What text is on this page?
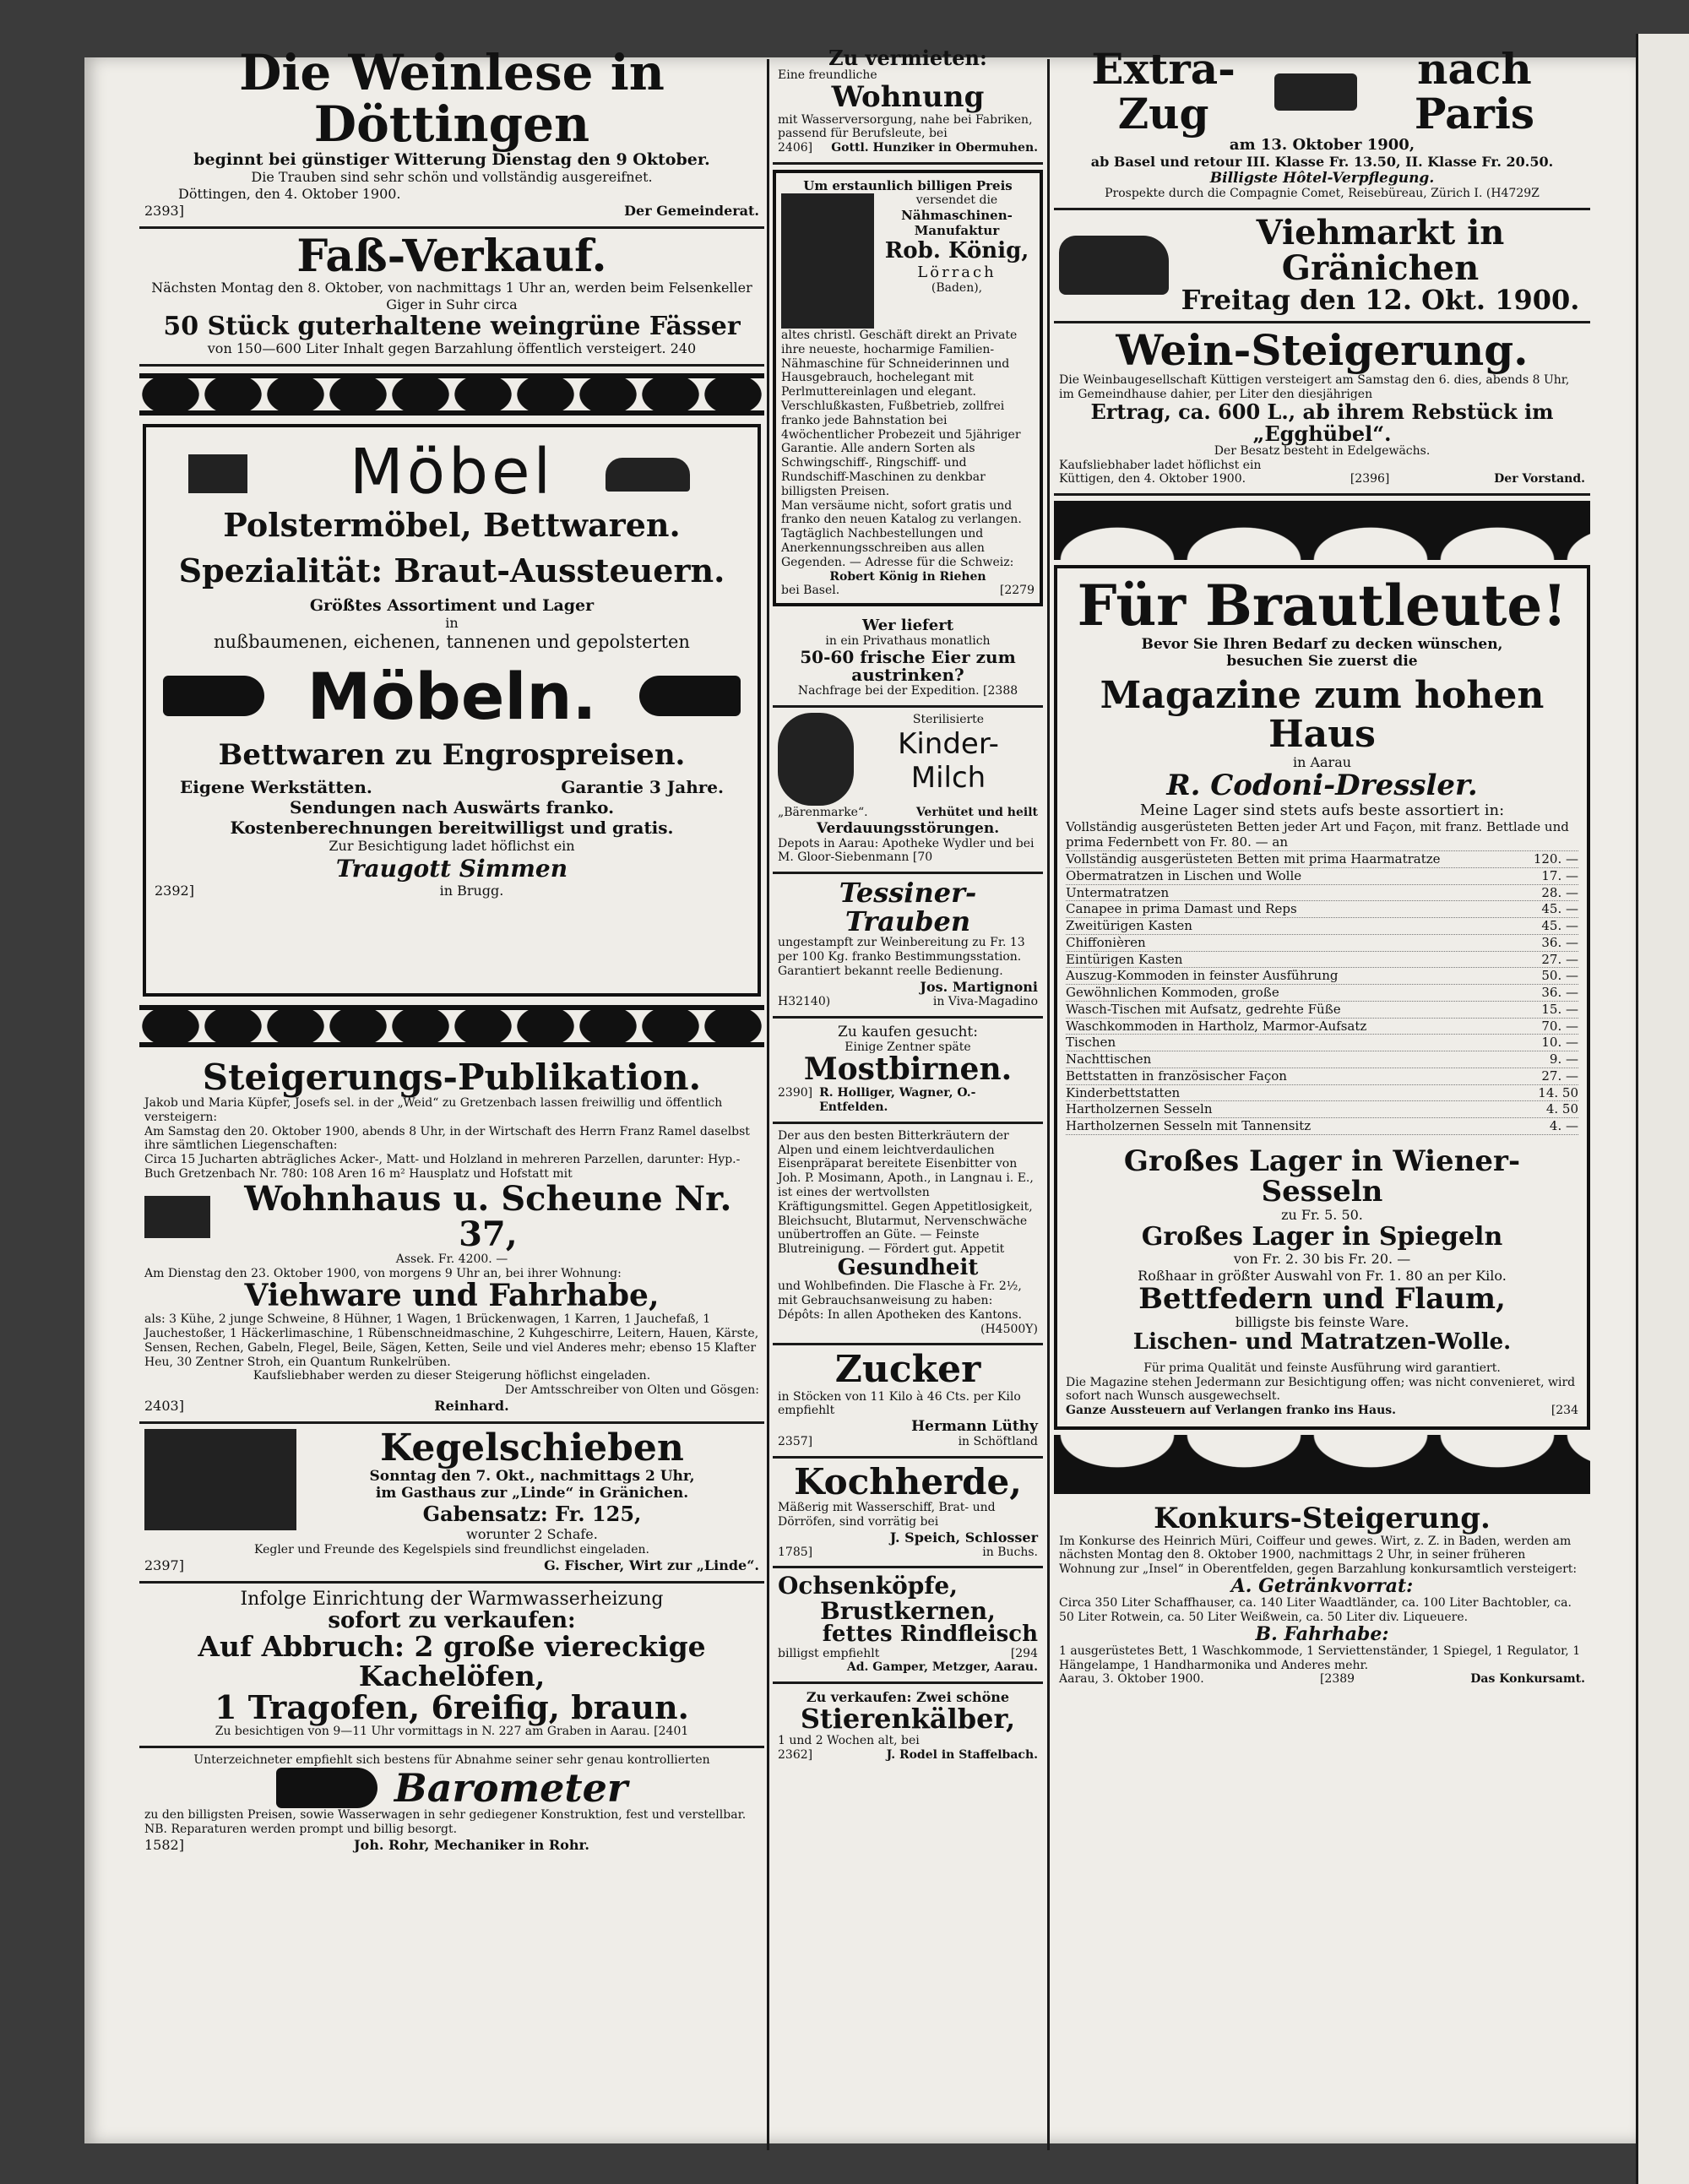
Die Weinlese in Döttingen
beginnt bei günstiger Witterung Dienstag den 9 Oktober.
Die Trauben sind sehr schön und vollständig ausgereifnet.
Döttingen, den 4. Oktober 1900.
2393]	Der Gemeinderat.
Faß-Verkauf.
Nächsten Montag den 8. Oktober, von nachmittags 1 Uhr an, werden beim Felsenkeller Giger in Suhr circa
50 Stück guterhaltene weingrüne Fässer
von 150—600 Liter Inhalt gegen Barzahlung öffentlich versteigert. 240
Möbel
Polstermöbel, Bettwaren.
Spezialität: Braut-Aussteuern.
Größtes Assortiment und Lager
in
nußbaumenen, eichenen, tannenen und gepolsterten
Möbeln.
Bettwaren zu Engrospreisen.
Eigene Werkstätten.	Garantie 3 Jahre.
Sendungen nach Auswärts franko.
Kostenberechnungen bereitwilligst und gratis.
Zur Besichtigung ladet höflichst ein
Traugott Simmen
2392]	in Brugg.
Steigerungs-Publikation.
Jakob und Maria Küpfer, Josefs sel. in der „Weid“ zu Gretzenbach lassen freiwillig und öffentlich versteigern:
Am Samstag den 20. Oktober 1900, abends 8 Uhr, in der Wirtschaft des Herrn Franz Ramel daselbst ihre sämtlichen Liegenschaften:
Circa 15 Jucharten abträgliches Acker-, Matt- und Holzland in mehreren Parzellen, darunter: Hyp.-Buch Gretzenbach Nr. 780: 108 Aren 16 m² Hausplatz und Hofstatt mit
Wohnhaus u. Scheune Nr. 37,
Assek. Fr. 4200. —
Am Dienstag den 23. Oktober 1900, von morgens 9 Uhr an, bei ihrer Wohnung:
Viehware und Fahrhabe,
als: 3 Kühe, 2 junge Schweine, 8 Hühner, 1 Wagen, 1 Brückenwagen, 1 Karren, 1 Jauchefaß, 1 Jauchestoßer, 1 Häckerlimaschine, 1 Rübenschneidmaschine, 2 Kuhgeschirre, Leitern, Hauen, Kärste, Sensen, Rechen, Gabeln, Flegel, Beile, Sägen, Ketten, Seile und viel Anderes mehr; ebenso 15 Klafter Heu, 30 Zentner Stroh, ein Quantum Runkelrüben.
Kaufsliebhaber werden zu dieser Steigerung höflichst eingeladen.
Der Amtsschreiber von Olten und Gösgen:
2403]	Reinhard.
Kegelschieben
Sonntag den 7. Okt., nachmittags 2 Uhr,
im Gasthaus zur „Linde“ in Gränichen.
Gabensatz: Fr. 125,
worunter 2 Schafe.
Kegler und Freunde des Kegelspiels sind freundlichst eingeladen.
2397]	G. Fischer, Wirt zur „Linde“.
Infolge Einrichtung der Warmwasserheizung
sofort zu verkaufen:
Auf Abbruch: 2 große viereckige Kachelöfen,
1 Tragofen, 6reifig, braun.
Zu besichtigen von 9—11 Uhr vormittags in N. 227 am Graben in Aarau. [2401
Unterzeichneter empfiehlt sich bestens für Abnahme seiner sehr genau kontrollierten
Barometer
zu den billigsten Preisen, sowie Wasserwagen in sehr gediegener Konstruktion, fest und verstellbar.
NB. Reparaturen werden prompt und billig besorgt.
1582]	Joh. Rohr, Mechaniker in Rohr.
Zu vermieten:
Eine freundliche
Wohnung
mit Wasserversorgung, nahe bei Fabriken, passend für Berufsleute, bei
2406] Gottl. Hunziker in Obermuhen.
Um erstaunlich billigen Preis
versendet die
Nähmaschinen-Manufaktur
Rob. König,
Lörrach
(Baden),
altes christl. Geschäft direkt an Private ihre neueste, hocharmige Familien-Nähmaschine für Schneiderinnen und Hausgebrauch, hochelegant mit Perlmuttereinlagen und elegant. Verschlußkasten, Fußbetrieb, zollfrei franko jede Bahnstation bei 4wöchentlicher Probezeit und 5jähriger Garantie. Alle andern Sorten als Schwingschiff-, Ringschiff- und Rundschiff-Maschinen zu denkbar billigsten Preisen.
Man versäume nicht, sofort gratis und franko den neuen Katalog zu verlangen.
Tagtäglich Nachbestellungen und Anerkennungsschreiben aus allen Gegenden. — Adresse für die Schweiz:
Robert König in Riehen
bei Basel.	[2279
Wer liefert
in ein Privathaus monatlich
50-60 frische Eier zum austrinken?
Nachfrage bei der Expedition. [2388
Sterilisierte
Kinder-
Milch
„Bärenmarke“.	Verhütet und heilt
Verdauungsstörungen.
Depots in Aarau: Apotheke Wydler und bei M. Gloor-Siebenmann [70
Tessiner-
Trauben
ungestampft zur Weinbereitung zu Fr. 13 per 100 Kg. franko Bestimmungsstation. Garantiert bekannt reelle Bedienung.
Jos. Martignoni
H32140)	in Viva-Magadino
Zu kaufen gesucht:
Einige Zentner späte
Mostbirnen.
2390] R. Holliger, Wagner, O.-Entfelden.
Der aus den besten Bitterkräutern der Alpen und einem leichtverdaulichen Eisenpräparat bereitete Eisenbitter von Joh. P. Mosimann, Apoth., in Langnau i. E., ist eines der wertvollsten Kräftigungsmittel. Gegen Appetitlosigkeit, Bleichsucht, Blutarmut, Nervenschwäche unübertroffen an Güte. — Feinste Blutreinigung. — Fördert gut. Appetit
Gesundheit
und Wohlbefinden. Die Flasche à Fr. 2½, mit Gebrauchsanweisung zu haben:
Dépôts: In allen Apotheken des Kantons.
(H4500Y)
Zucker
in Stöcken von 11 Kilo à 46 Cts. per Kilo empfiehlt
Hermann Lüthy
2357]	in Schöftland
Kochherde,
Mäßerig mit Wasserschiff, Brat- und Dörröfen, sind vorrätig bei
J. Speich, Schlosser
1785]	in Buchs.
Ochsenköpfe,
Brustkernen,
fettes Rindfleisch
billigst empfiehlt	[294
Ad. Gamper, Metzger, Aarau.
Zu verkaufen: Zwei schöne
Stierenkälber,
1 und 2 Wochen alt, bei
2362]	J. Rodel in Staffelbach.
Extra-Zug
nach Paris
am 13. Oktober 1900,
ab Basel und retour III. Klasse Fr. 13.50, II. Klasse Fr. 20.50.
Billigste Hôtel-Verpflegung.
Prospekte durch die Compagnie Comet, Reisebüreau, Zürich I. (H4729Z
Viehmarkt in Gränichen
Freitag den 12. Okt. 1900.
Wein-Steigerung.
Die Weinbaugesellschaft Küttigen versteigert am Samstag den 6. dies, abends 8 Uhr, im Gemeindhause dahier, per Liter den diesjährigen
Ertrag, ca. 600 L., ab ihrem Rebstück im „Egghübel“.
Der Besatz besteht in Edelgewächs.
Kaufsliebhaber ladet höflichst ein
Küttigen, den 4. Oktober 1900.	[2396]	Der Vorstand.
Für Brautleute!
Bevor Sie Ihren Bedarf zu decken wünschen,
besuchen Sie zuerst die
Magazine zum hohen Haus
in Aarau
R. Codoni-Dressler.
Meine Lager sind stets aufs beste assortiert in:
Vollständig ausgerüsteten Betten jeder Art und Façon, mit franz. Bettlade und prima Federnbett von Fr. 80. — an
Vollständig ausgerüsteten Betten mit prima Haarmatratze	120. —
Obermatratzen in Lischen und Wolle	17. —
Untermatratzen	28. —
Canapee in prima Damast und Reps	45. —
Zweitürigen Kasten	45. —
Chiffonièren	36. —
Eintürigen Kasten	27. —
Auszug-Kommoden in feinster Ausführung	50. —
Gewöhnlichen Kommoden, große	36. —
Wasch-Tischen mit Aufsatz, gedrehte Füße	15. —
Waschkommoden in Hartholz, Marmor-Aufsatz	70. —
Tischen	10. —
Nachttischen	9. —
Bettstatten in französischer Façon	27. —
Kinderbettstatten	14. 50
Hartholzernen Sesseln	4. 50
Hartholzernen Sesseln mit Tannensitz	4. —
Großes Lager in Wiener-Sesseln
zu Fr. 5. 50.
Großes Lager in Spiegeln
von Fr. 2. 30 bis Fr. 20. —
Roßhaar in größter Auswahl von Fr. 1. 80 an per Kilo.
Bettfedern und Flaum,
billigste bis feinste Ware.
Lischen- und Matratzen-Wolle.
Für prima Qualität und feinste Ausführung wird garantiert.
Die Magazine stehen Jedermann zur Besichtigung offen; was nicht convenieret, wird sofort nach Wunsch ausgewechselt.
Ganze Aussteuern auf Verlangen franko ins Haus.	[234
Konkurs-Steigerung.
Im Konkurse des Heinrich Müri, Coiffeur und gewes. Wirt, z. Z. in Baden, werden am nächsten Montag den 8. Oktober 1900, nachmittags 2 Uhr, in seiner früheren Wohnung zur „Insel“ in Oberentfelden, gegen Barzahlung konkursamtlich versteigert:
A. Getränkvorrat:
Circa 350 Liter Schaffhauser, ca. 140 Liter Waadtländer, ca. 100 Liter Bachtobler, ca. 50 Liter Rotwein, ca. 50 Liter Weißwein, ca. 50 Liter div. Liqueuere.
B. Fahrhabe:
1 ausgerüstetes Bett, 1 Waschkommode, 1 Serviettenständer, 1 Spiegel, 1 Regulator, 1 Hängelampe, 1 Handharmonika und Anderes mehr.
Aarau, 3. Oktober 1900.	[2389	Das Konkursamt.
